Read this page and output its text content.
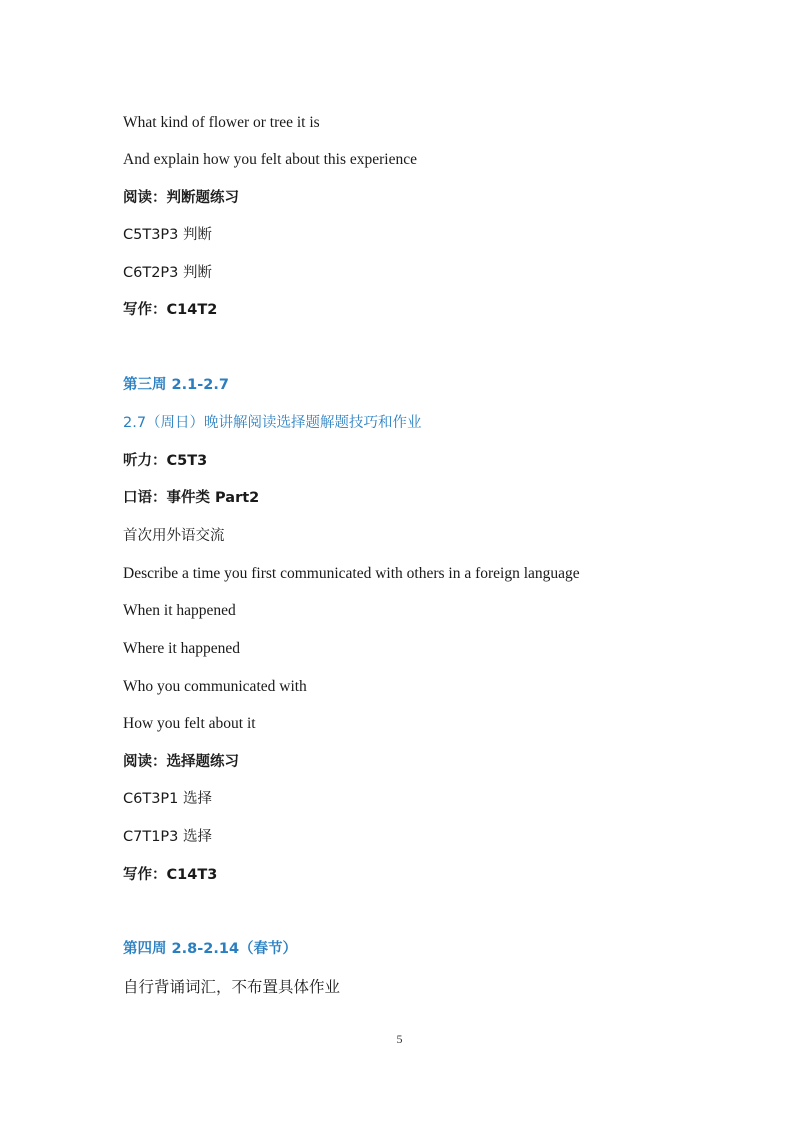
What kind of flower or tree it is
And explain how you felt about this experience
阅读：判断题练习
C5T3P3 判断
C6T2P3 判断
写作：C14T2
第三周 2.1-2.7
2.7（周日）晚讲解阅读选择题解题技巧和作业
听力：C5T3
口语：事件类 Part2
首次用外语交流
Describe a time you first communicated with others in a foreign language
When it happened
Where it happened
Who you communicated with
How you felt about it
阅读：选择题练习
C6T3P1 选择
C7T1P3 选择
写作：C14T3
第四周 2.8-2.14（春节）
自行背诵词汇，不布置具体作业
5
